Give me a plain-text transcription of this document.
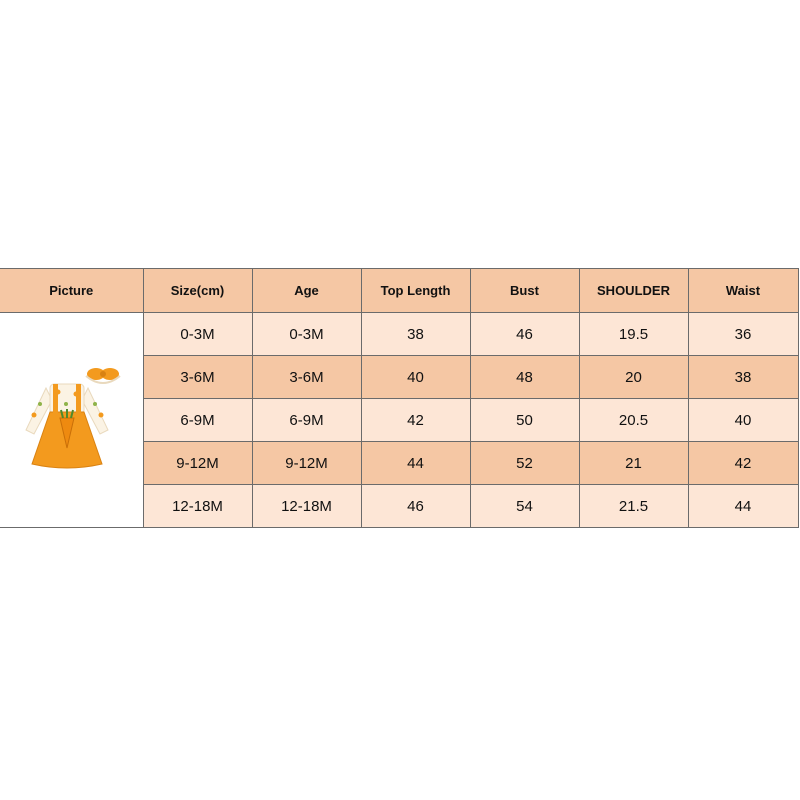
Picture	Size(cm)	Age	Top Length	Bust	SHOULDER	Waist

	0-3M	0-3M	38	46	19.5	36
	3-6M	3-6M	40	48	20	38
	6-9M	6-9M	42	50	20.5	40
	9-12M	9-12M	44	52	21	42
	12-18M	12-18M	46	54	21.5	44
